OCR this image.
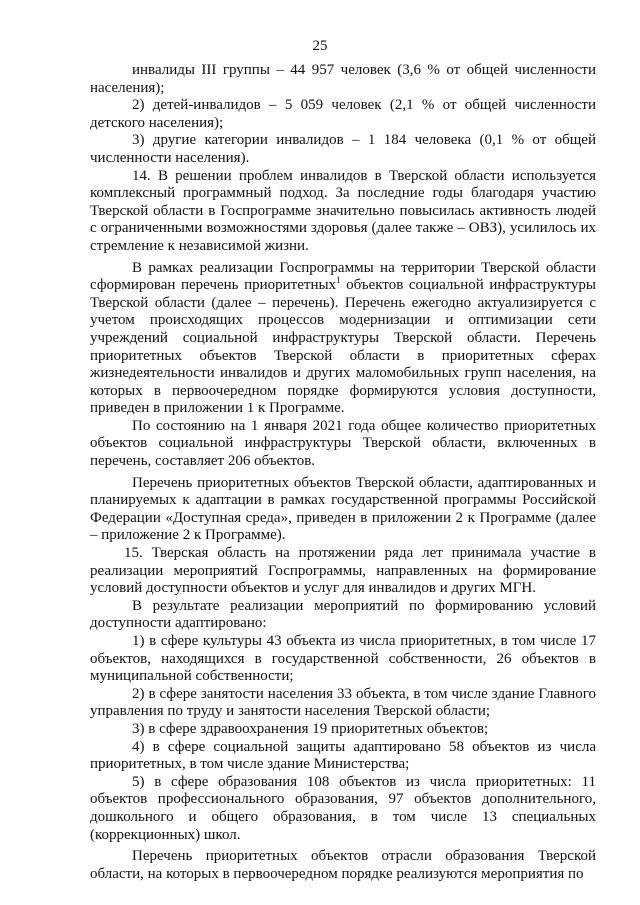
25

инвалиды III группы – 44 957 человек (3,6 % от общей численности населения);

2) детей-инвалидов – 5 059 человек (2,1 % от общей численности детского населения);

3) другие категории инвалидов – 1 184 человека (0,1 % от общей численности населения).

14. В решении проблем инвалидов в Тверской области используется комплексный программный подход. За последние годы благодаря участию Тверской области в Госпрограмме значительно повысилась активность людей с ограниченными возможностями здоровья (далее также – ОВЗ), усилилось их стремление к независимой жизни.

В рамках реализации Госпрограммы на территории Тверской области сформирован перечень приоритетных$^1$ объектов социальной инфраструктуры Тверской области (далее – перечень). Перечень ежегодно актуализируется с учетом происходящих процессов модернизации и оптимизации сети учреждений социальной инфраструктуры Тверской области. Перечень приоритетных объектов Тверской области в приоритетных сферах жизнедеятельности инвалидов и других маломобильных групп населения, на которых в первоочередном порядке формируются условия доступности, приведен в приложении 1 к Программе.

По состоянию на 1 января 2021 года общее количество приоритетных объектов социальной инфраструктуры Тверской области, включенных в перечень, составляет 206 объектов.

Перечень приоритетных объектов Тверской области, адаптированных и планируемых к адаптации в рамках государственной программы Российской Федерации «Доступная среда», приведен в приложении 2 к Программе (далее – приложение 2 к Программе).

15. Тверская область на протяжении ряда лет принимала участие в реализации мероприятий Госпрограммы, направленных на формирование условий доступности объектов и услуг для инвалидов и других МГН.

В результате реализации мероприятий по формированию условий доступности адаптировано:

1) в сфере культуры 43 объекта из числа приоритетных, в том числе 17 объектов, находящихся в государственной собственности, 26 объектов в муниципальной собственности;

2) в сфере занятости населения 33 объекта, в том числе здание Главного управления по труду и занятости населения Тверской области;

3) в сфере здравоохранения 19 приоритетных объектов;

4) в сфере социальной защиты адаптировано 58 объектов из числа приоритетных, в том числе здание Министерства;

5) в сфере образования 108 объектов из числа приоритетных: 11 объектов профессионального образования, 97 объектов дополнительного, дошкольного и общего образования, в том числе 13 специальных (коррекционных) школ.

Перечень приоритетных объектов отрасли образования Тверской области, на которых в первоочередном порядке реализуются мероприятия по
